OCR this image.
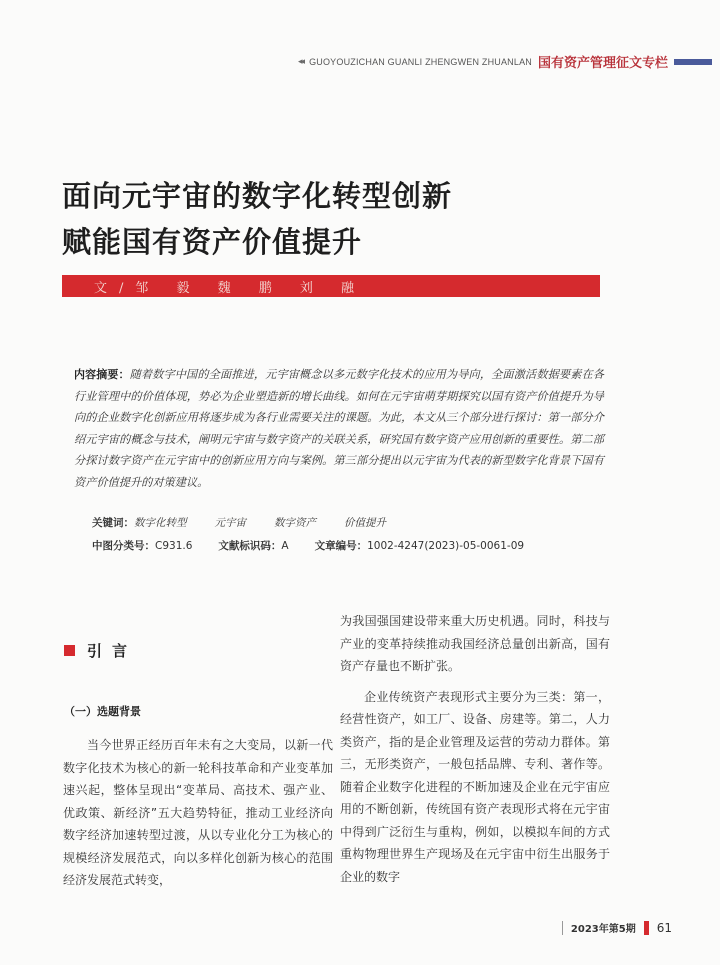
◂◂ GUOYOUZICHAN GUANLI ZHENGWEN ZHUANLAN 国有资产管理征文专栏
面向元宇宙的数字化转型创新
赋能国有资产价值提升
文/邹 毅 魏 鹏 刘 融
内容摘要：随着数字中国的全面推进，元宇宙概念以多元数字化技术的应用为导向，全面激活数据要素在各行业管理中的价值体现，势必为企业塑造新的增长曲线。如何在元宇宙萌芽期探究以国有资产价值提升为导向的企业数字化创新应用将逐步成为各行业需要关注的课题。为此，本文从三个部分进行探讨：第一部分介绍元宇宙的概念与技术，阐明元宇宙与数字资产的关联关系，研究国有数字资产应用创新的重要性。第二部分探讨数字资产在元宇宙中的创新应用方向与案例。第三部分提出以元宇宙为代表的新型数字化背景下国有资产价值提升的对策建议。
关键词： 数字化转型	元宇宙	数字资产	价值提升
中图分类号：C931.6 文献标识码：A 文章编号：1002-4247(2023)-05-0061-09
引言
（一）选题背景

当今世界正经历百年未有之大变局，以新一代数字化技术为核心的新一轮科技革命和产业变革加速兴起，整体呈现出“变革局、高技术、强产业、优政策、新经济”五大趋势特征，推动工业经济向数字经济加速转型过渡，从以专业化分工为核心的规模经济发展范式，向以多样化创新为核心的范围经济发展范式转变，

为我国强国建设带来重大历史机遇。同时，科技与产业的变革持续推动我国经济总量创出新高，国有资产存量也不断扩张。

企业传统资产表现形式主要分为三类：第一，经营性资产，如工厂、设备、房建等。第二，人力类资产，指的是企业管理及运营的劳动力群体。第三，无形类资产，一般包括品牌、专利、著作等。随着企业数字化进程的不断加速及企业在元宇宙应用的不断创新，传统国有资产表现形式将在元宇宙中得到广泛衍生与重构，例如，以模拟车间的方式重构物理世界生产现场及在元宇宙中衍生出服务于企业的数字

2023年第5期 61
